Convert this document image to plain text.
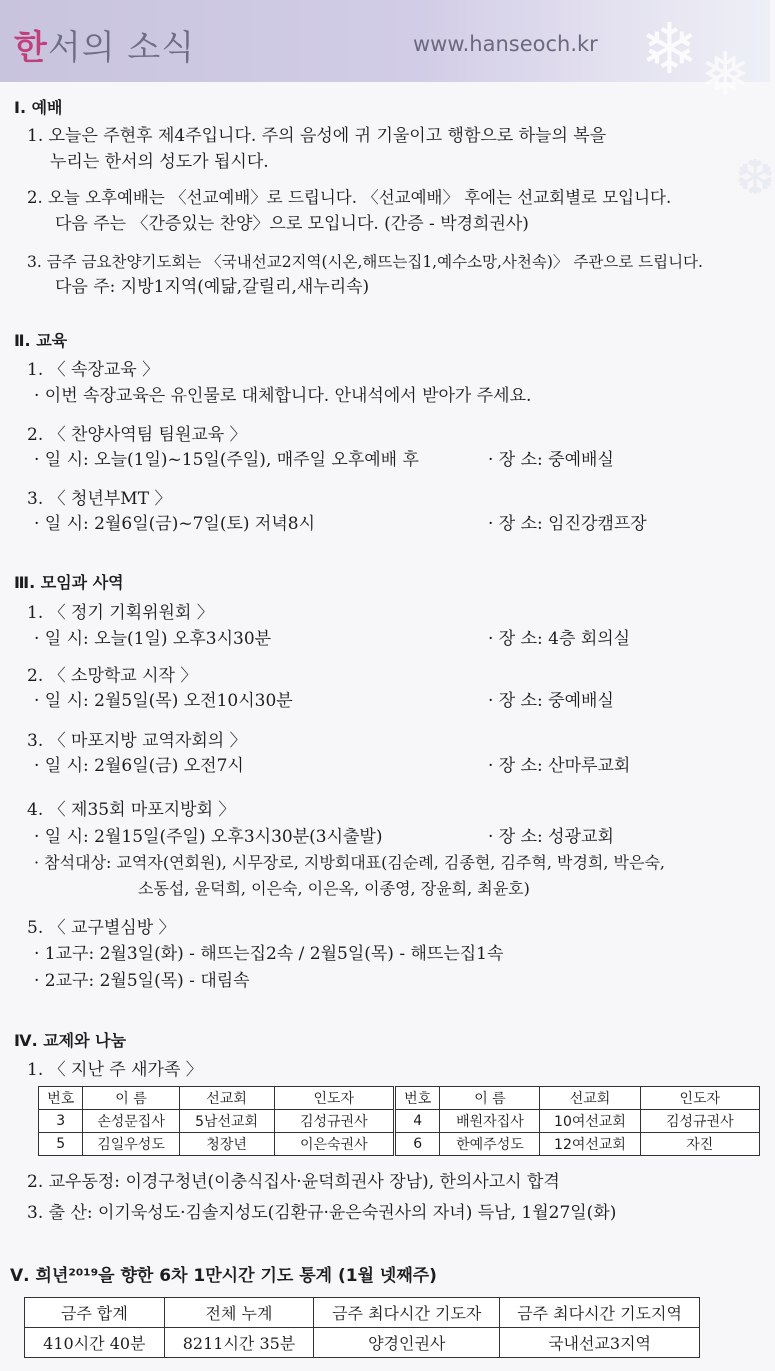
한서의 소식	www.hanseoch.kr ❄ ❅
❆
Ⅰ. 예배
1. 오늘은 주현후 제4주입니다. 주의 음성에 귀 기울이고 행함으로 하늘의 복을
누리는 한서의 성도가 됩시다.
2. 오늘 오후예배는 〈선교예배〉로 드립니다. 〈선교예배〉 후에는 선교회별로 모입니다.
다음 주는 〈간증있는 찬양〉으로 모입니다. (간증 - 박경희권사)
3. 금주 금요찬양기도회는 〈국내선교2지역(시온,해뜨는집1,예수소망,사천속)〉 주관으로 드립니다.
다음 주: 지방1지역(예닮,갈릴리,새누리속)
Ⅱ. 교육
1. 〈 속장교육 〉
· 이번 속장교육은 유인물로 대체합니다. 안내석에서 받아가 주세요.
2. 〈 찬양사역팀 팀원교육 〉
· 일 시: 오늘(1일)~15일(주일), 매주일 오후예배 후	· 장 소: 중예배실
3. 〈 청년부MT 〉
· 일 시: 2월6일(금)~7일(토) 저녁8시	· 장 소: 임진강캠프장
Ⅲ. 모임과 사역
1. 〈 정기 기획위원회 〉
· 일 시: 오늘(1일) 오후3시30분	· 장 소: 4층 회의실
2. 〈 소망학교 시작 〉
· 일 시: 2월5일(목) 오전10시30분	· 장 소: 중예배실
3. 〈 마포지방 교역자회의 〉
· 일 시: 2월6일(금) 오전7시	· 장 소: 산마루교회
4. 〈 제35회 마포지방회 〉
· 일 시: 2월15일(주일) 오후3시30분(3시출발)	· 장 소: 성광교회
· 참석대상: 교역자(연회원), 시무장로, 지방회대표(김순례, 김종현, 김주혁, 박경희, 박은숙,
소동섭, 윤덕희, 이은숙, 이은옥, 이종영, 장윤희, 최윤호)
5. 〈 교구별심방 〉
· 1교구: 2월3일(화) - 해뜨는집2속 / 2월5일(목) - 해뜨는집1속
· 2교구: 2월5일(목) - 대림속
Ⅳ. 교제와 나눔
1. 〈 지난 주 새가족 〉
번호	이 름	선교회	인도자	번호	이 름	선교회	인도자
3	손성문집사	5남선교회	김성규권사	4	배원자집사	10여선교회	김성규권사
5	김일우성도	청장년	이은숙권사	6	한예주성도	12여선교회	자진
2. 교우동정: 이경구청년(이충식집사·윤덕희권사 장남), 한의사고시 합격
3. 출 산: 이기욱성도·김솔지성도(김환규·윤은숙권사의 자녀) 득남, 1월27일(화)
Ⅴ. 희년²⁰¹⁹을 향한 6차 1만시간 기도 통계 (1월 넷째주)
금주 합계	전체 누계	금주 최다시간 기도자	금주 최다시간 기도지역
410시간 40분	8211시간 35분	양경인권사	국내선교3지역
